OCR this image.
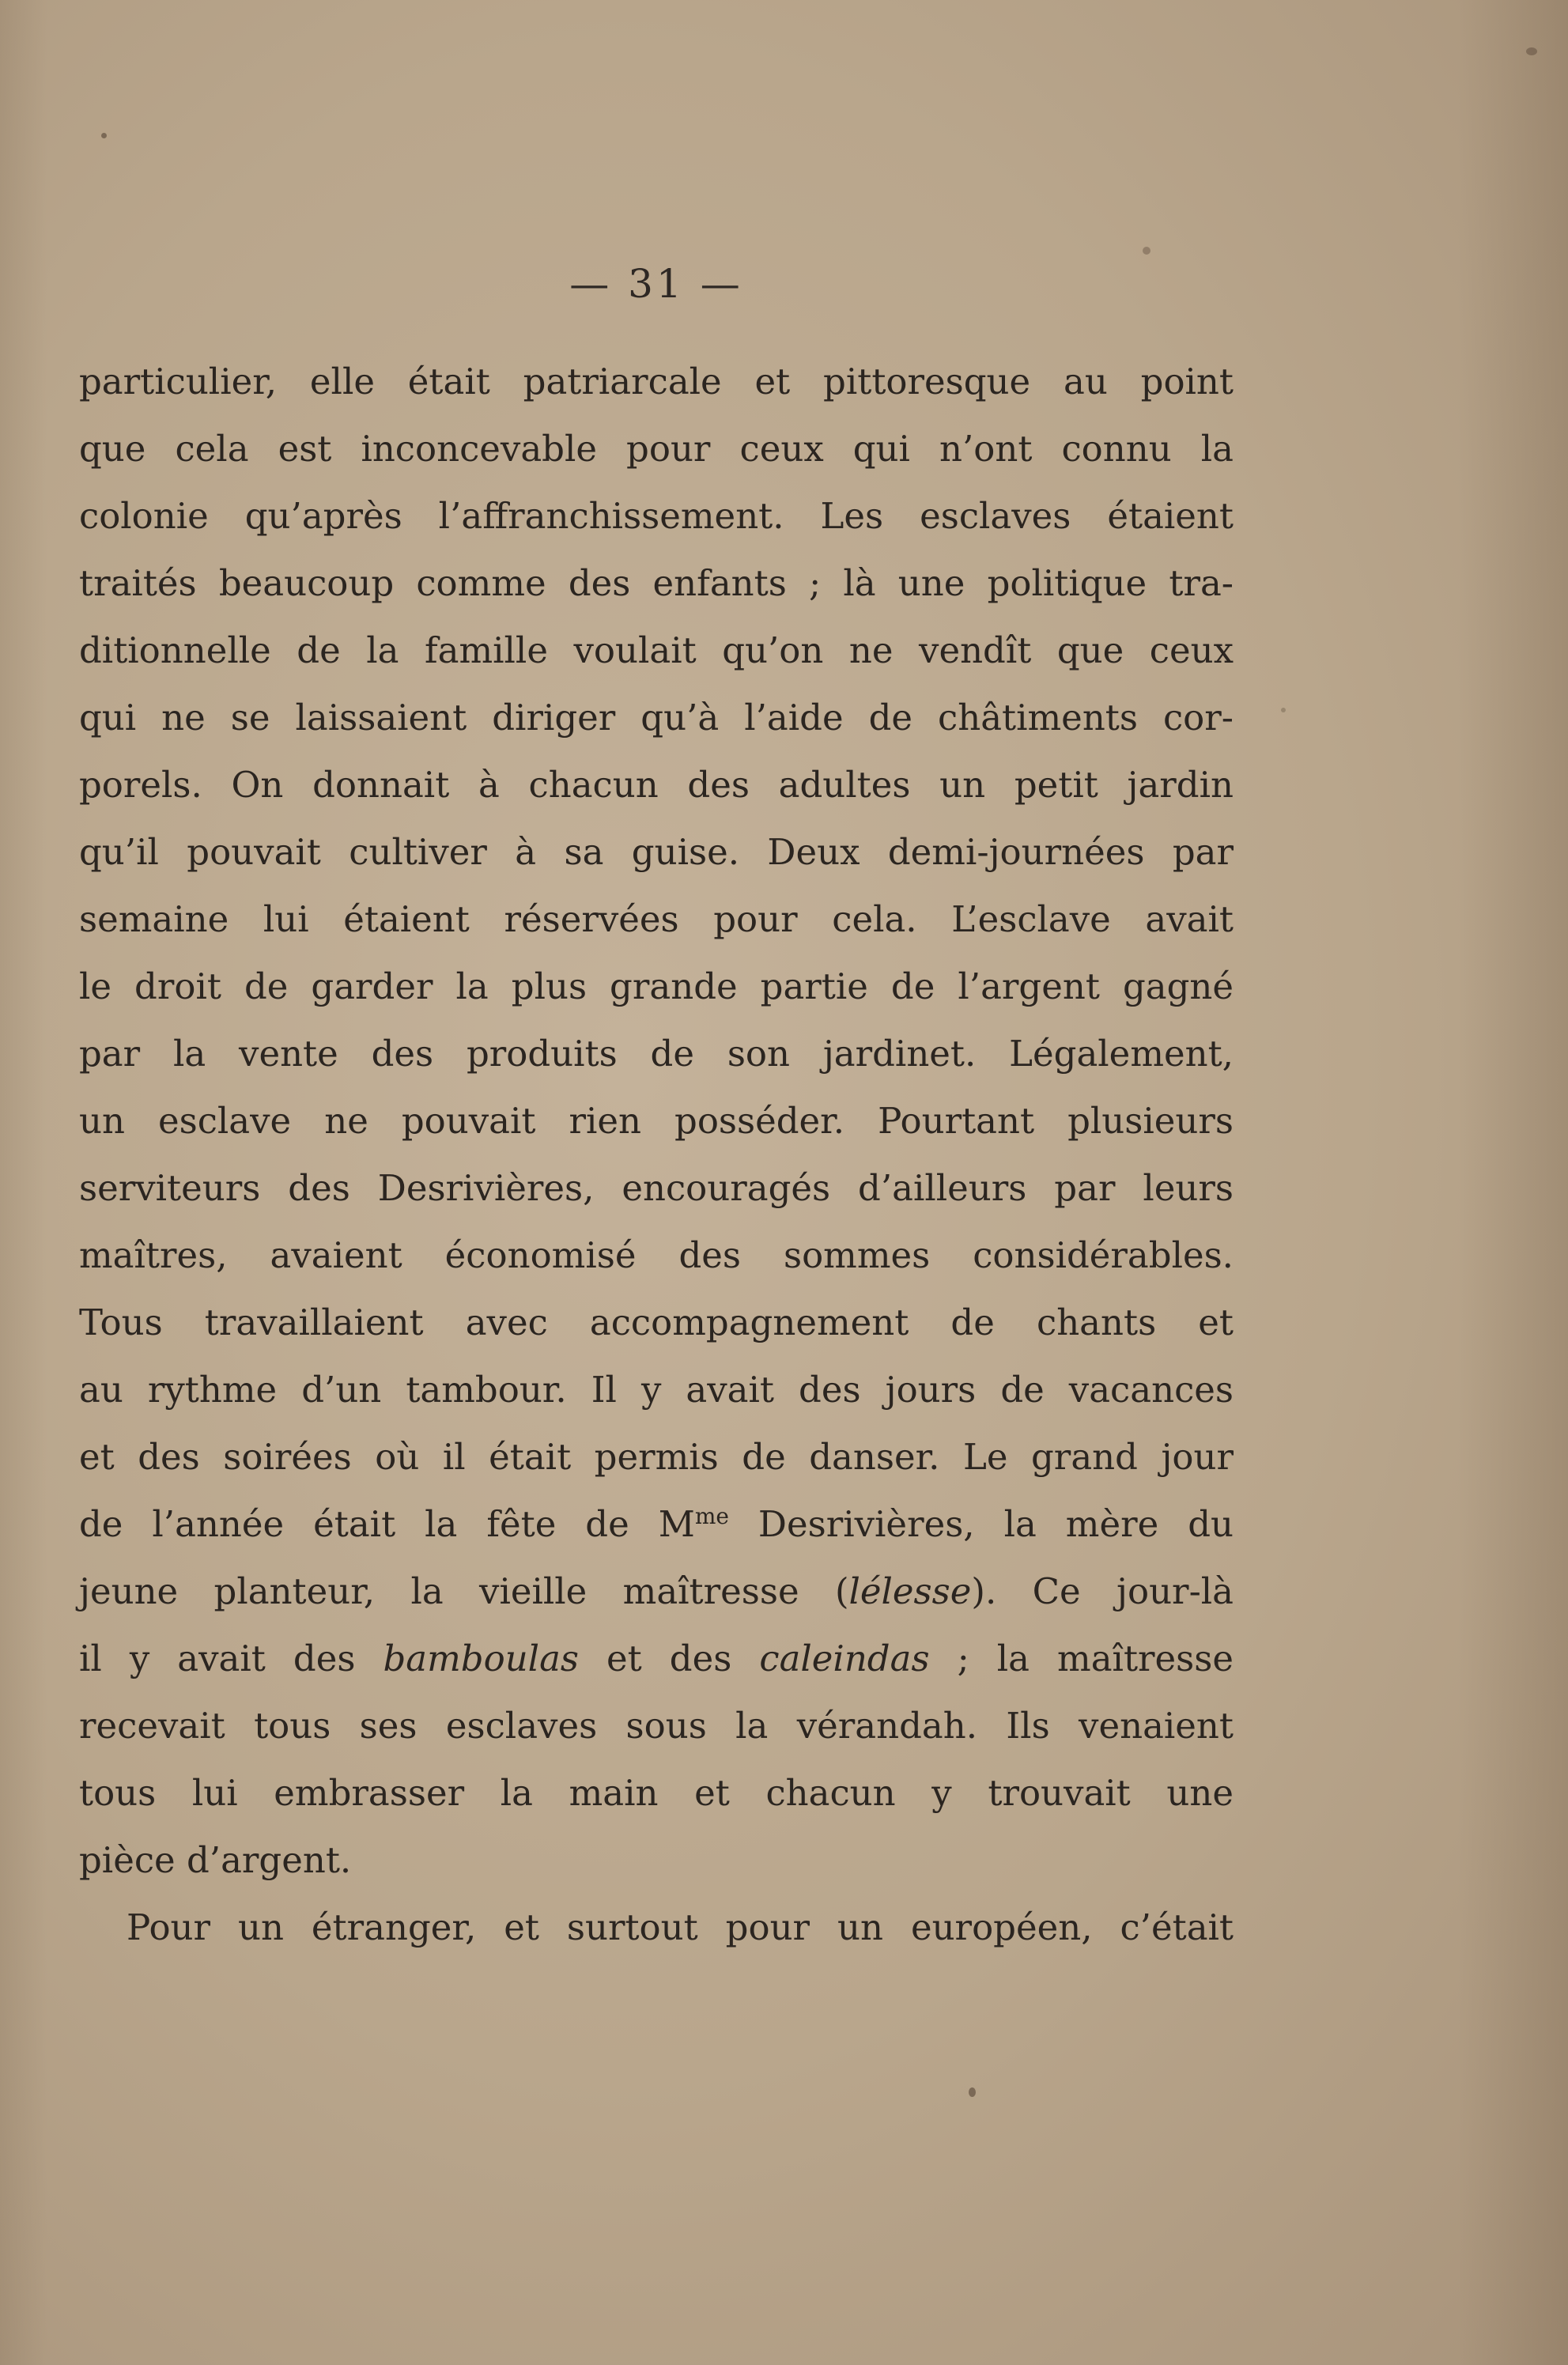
— 31 —
particulier, elle était patriarcale et pittoresque au point
que cela est inconcevable pour ceux qui n’ont connu la
colonie qu’après l’affranchissement. Les esclaves étaient
traités beaucoup comme des enfants ; là une politique tra-
ditionnelle de la famille voulait qu’on ne vendît que ceux
qui ne se laissaient diriger qu’à l’aide de châtiments cor-
porels. On donnait à chacun des adultes un petit jardin
qu’il pouvait cultiver à sa guise. Deux demi-journées par
semaine lui étaient réservées pour cela. L’esclave avait
le droit de garder la plus grande partie de l’argent gagné
par la vente des produits de son jardinet. Légalement,
un esclave ne pouvait rien posséder. Pourtant plusieurs
serviteurs des Desrivières, encouragés d’ailleurs par leurs
maîtres, avaient économisé des sommes considérables.
Tous travaillaient avec accompagnement de chants et
au rythme d’un tambour. Il y avait des jours de vacances
et des soirées où il était permis de danser. Le grand jour
de l’année était la fête de $M^{me}$ Desrivières, la mère du
jeune planteur, la vieille maîtresse (lélesse). Ce jour-là
il y avait des bamboulas et des caleindas ; la maîtresse
recevait tous ses esclaves sous la vérandah. Ils venaient
tous lui embrasser la main et chacun y trouvait une
pièce d’argent.
Pour un étranger, et surtout pour un européen, c’était
